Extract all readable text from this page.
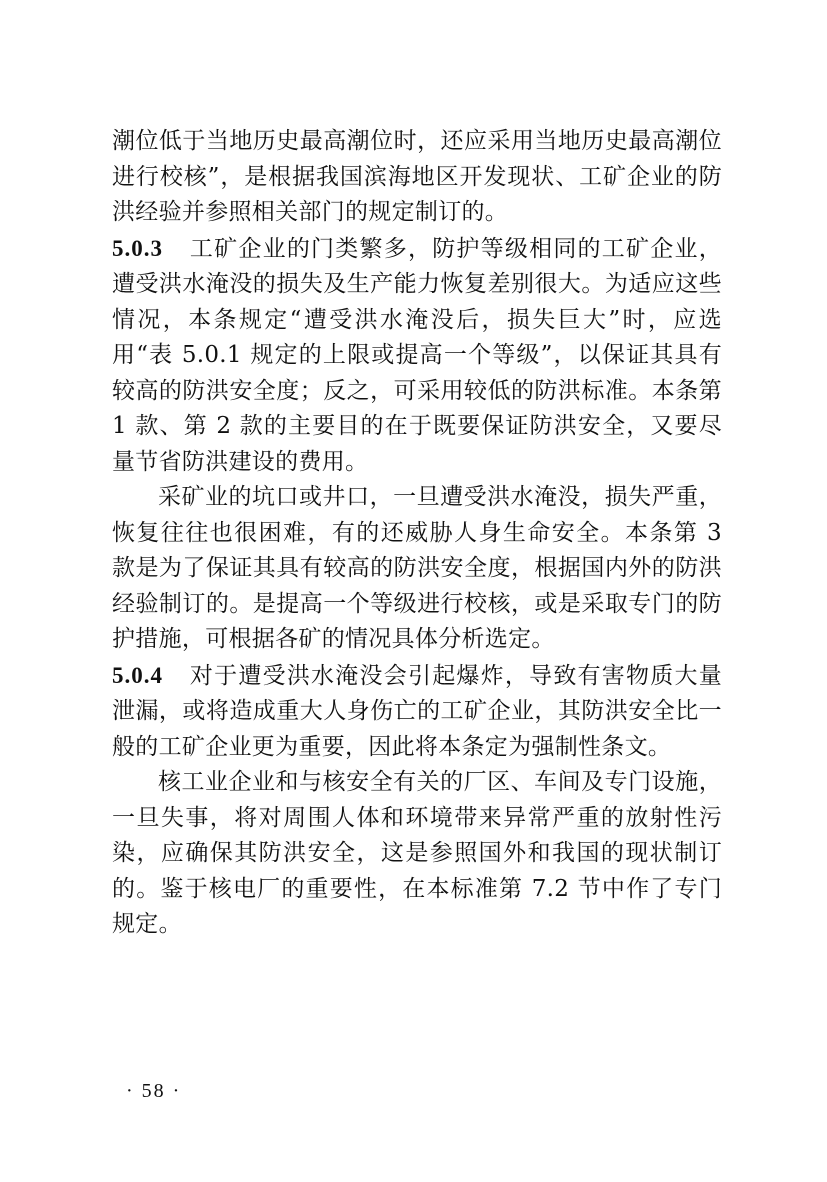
潮位低于当地历史最高潮位时，还应采用当地历史最高潮位进行校核”，是根据我国滨海地区开发现状、工矿企业的防洪经验并参照相关部门的规定制订的。

5.0.3 工矿企业的门类繁多，防护等级相同的工矿企业，遭受洪水淹没的损失及生产能力恢复差别很大。为适应这些情况，本条规定“遭受洪水淹没后，损失巨大”时，应选用“表 5.0.1 规定的上限或提高一个等级”，以保证其具有较高的防洪安全度；反之，可采用较低的防洪标准。本条第 1 款、第 2 款的主要目的在于既要保证防洪安全，又要尽量节省防洪建设的费用。

采矿业的坑口或井口，一旦遭受洪水淹没，损失严重，恢复往往也很困难，有的还威胁人身生命安全。本条第 3 款是为了保证其具有较高的防洪安全度，根据国内外的防洪经验制订的。是提高一个等级进行校核，或是采取专门的防护措施，可根据各矿的情况具体分析选定。

5.0.4 对于遭受洪水淹没会引起爆炸，导致有害物质大量泄漏，或将造成重大人身伤亡的工矿企业，其防洪安全比一般的工矿企业更为重要，因此将本条定为强制性条文。

核工业企业和与核安全有关的厂区、车间及专门设施，一旦失事，将对周围人体和环境带来异常严重的放射性污染，应确保其防洪安全，这是参照国外和我国的现状制订的。鉴于核电厂的重要性，在本标准第 7.2 节中作了专门规定。

· 58 ·
